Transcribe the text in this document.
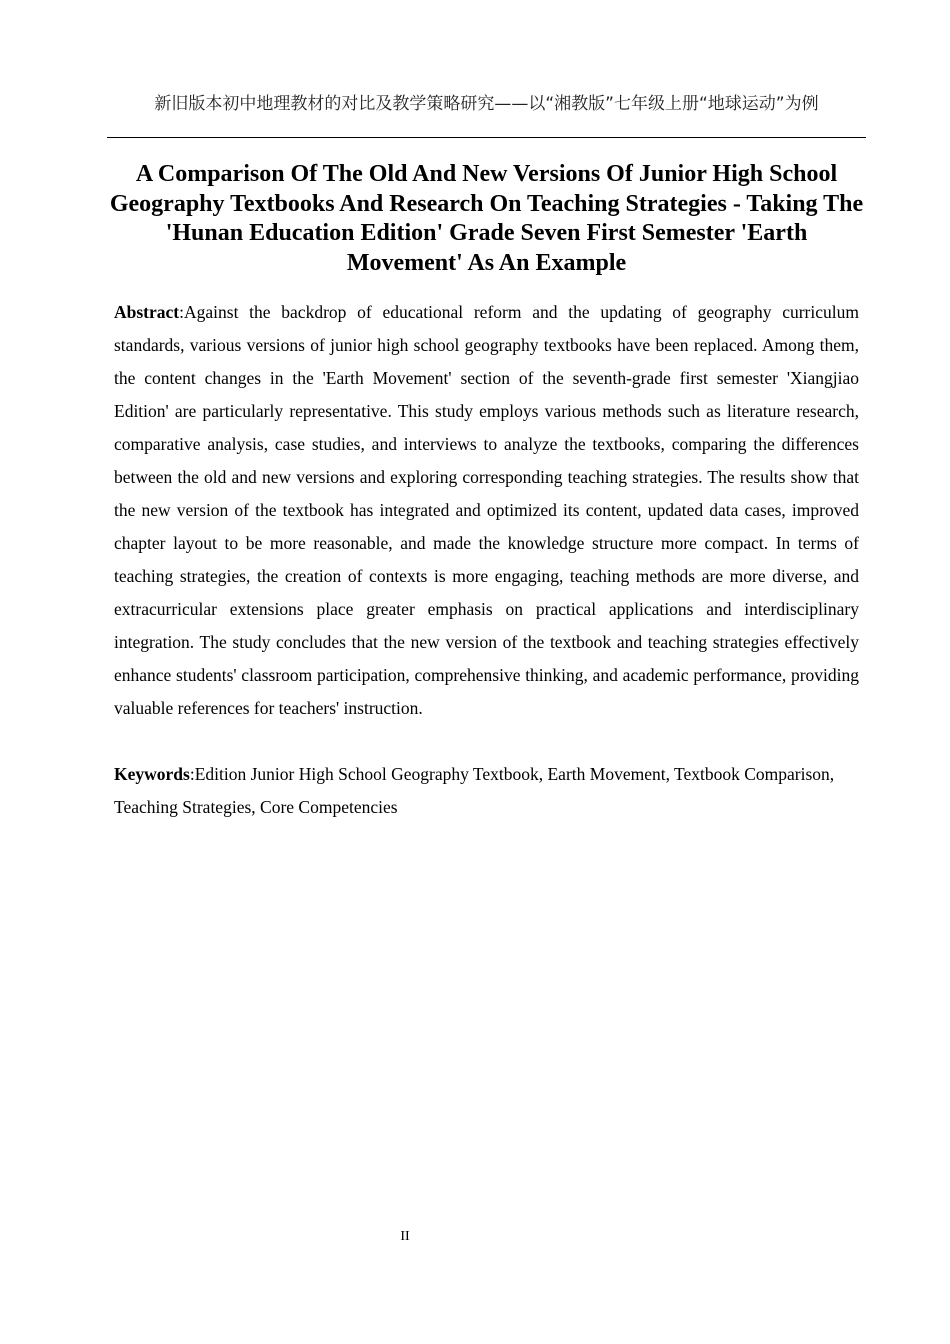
新旧版本初中地理教材的对比及教学策略研究——以“湘教版”七年级上册“地球运动”为例
A Comparison Of The Old And New Versions Of Junior High School Geography Textbooks And Research On Teaching Strategies - Taking The 'Hunan Education Edition' Grade Seven First Semester 'Earth Movement' As An Example

Abstract:Against the backdrop of educational reform and the updating of geography curriculum standards, various versions of junior high school geography textbooks have been replaced. Among them, the content changes in the 'Earth Movement' section of the seventh-grade first semester 'Xiangjiao Edition' are particularly representative. This study employs various methods such as literature research, comparative analysis, case studies, and interviews to analyze the textbooks, comparing the differences between the old and new versions and exploring corresponding teaching strategies. The results show that the new version of the textbook has integrated and optimized its content, updated data cases, improved chapter layout to be more reasonable, and made the knowledge structure more compact. In terms of teaching strategies, the creation of contexts is more engaging, teaching methods are more diverse, and extracurricular extensions place greater emphasis on practical applications and interdisciplinary integration. The study concludes that the new version of the textbook and teaching strategies effectively enhance students' classroom participation, comprehensive thinking, and academic performance, providing valuable references for teachers' instruction.

Keywords:Edition Junior High School Geography Textbook, Earth Movement, Textbook Comparison, Teaching Strategies, Core Competencies

II
